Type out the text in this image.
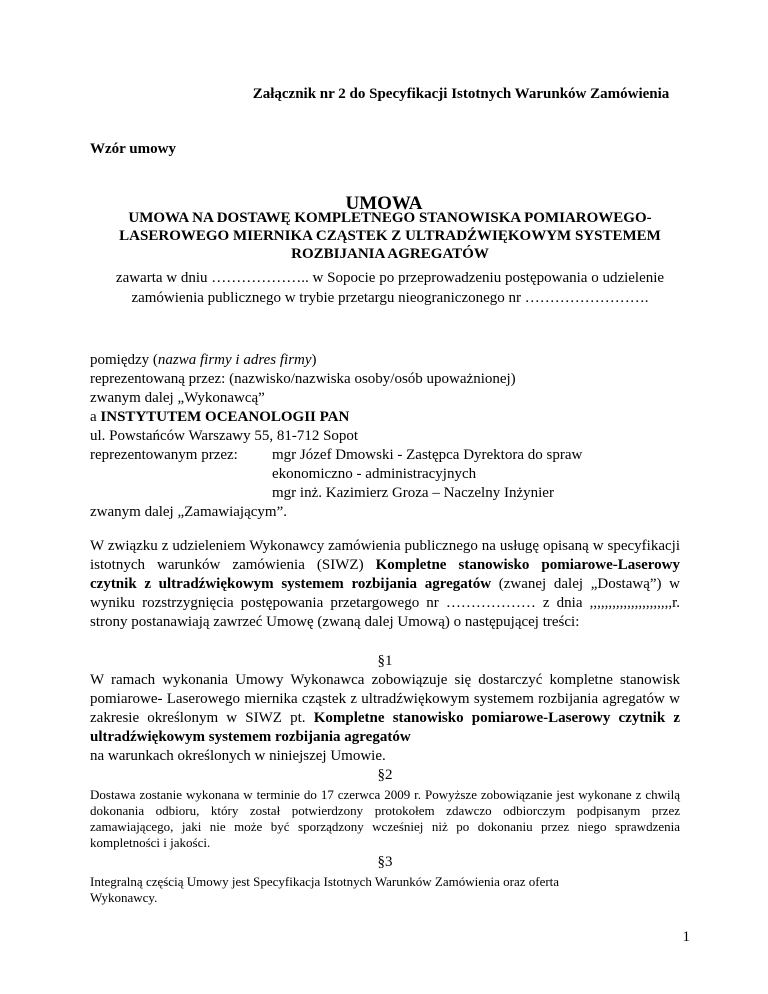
Załącznik nr 2 do Specyfikacji Istotnych Warunków Zamówienia
Wzór umowy
UMOWA
UMOWA NA DOSTAWĘ KOMPLETNEGO STANOWISKA POMIAROWEGO-
LASEROWEGO MIERNIKA CZĄSTEK Z ULTRADŹWIĘKOWYM SYSTEMEM
ROZBIJANIA AGREGATÓW
zawarta w dniu ……………….. w Sopocie po przeprowadzeniu postępowania o udzielenie
zamówienia publicznego w trybie przetargu nieograniczonego nr …………………….
pomiędzy (nazwa firmy i adres firmy)
reprezentowaną przez: (nazwisko/nazwiska osoby/osób upoważnionej)
zwanym dalej „Wykonawcą”
a INSTYTUTEM OCEANOLOGII PAN
ul. Powstańców Warszawy 55, 81-712 Sopot
reprezentowanym przez: mgr Józef Dmowski - Zastępca Dyrektora do spraw
ekonomiczno - administracyjnych
mgr inż. Kazimierz Groza – Naczelny Inżynier
zwanym dalej „Zamawiającym”.
W związku z udzieleniem Wykonawcy zamówienia publicznego na usługę opisaną w specyfikacji istotnych warunków zamówienia (SIWZ) Kompletne stanowisko pomiarowe-Laserowy czytnik z ultradźwiękowym systemem rozbijania agregatów (zwanej dalej „Dostawą”) w wyniku rozstrzygnięcia postępowania przetargowego nr ……………… z dnia ,,,,,,,,,,,,,,,,,,,,,,r. strony postanawiają zawrzeć Umowę (zwaną dalej Umową) o następującej treści:
§1
W ramach wykonania Umowy Wykonawca zobowiązuje się dostarczyć kompletne stanowisk pomiarowe- Laserowego miernika cząstek z ultradźwiękowym systemem rozbijania agregatów w zakresie określonym w SIWZ pt. Kompletne stanowisko pomiarowe-Laserowy czytnik z ultradźwiękowym systemem rozbijania agregatów
na warunkach określonych w niniejszej Umowie.
§2
Dostawa zostanie wykonana w terminie do 17 czerwca 2009 r. Powyższe zobowiązanie jest wykonane z chwilą dokonania odbioru, który został potwierdzony protokołem zdawczo odbiorczym podpisanym przez zamawiającego, jaki nie może być sporządzony wcześniej niż po dokonaniu przez niego sprawdzenia kompletności i jakości.
§3
Integralną częścią Umowy jest Specyfikacja Istotnych Warunków Zamówienia oraz oferta
Wykonawcy.
1
